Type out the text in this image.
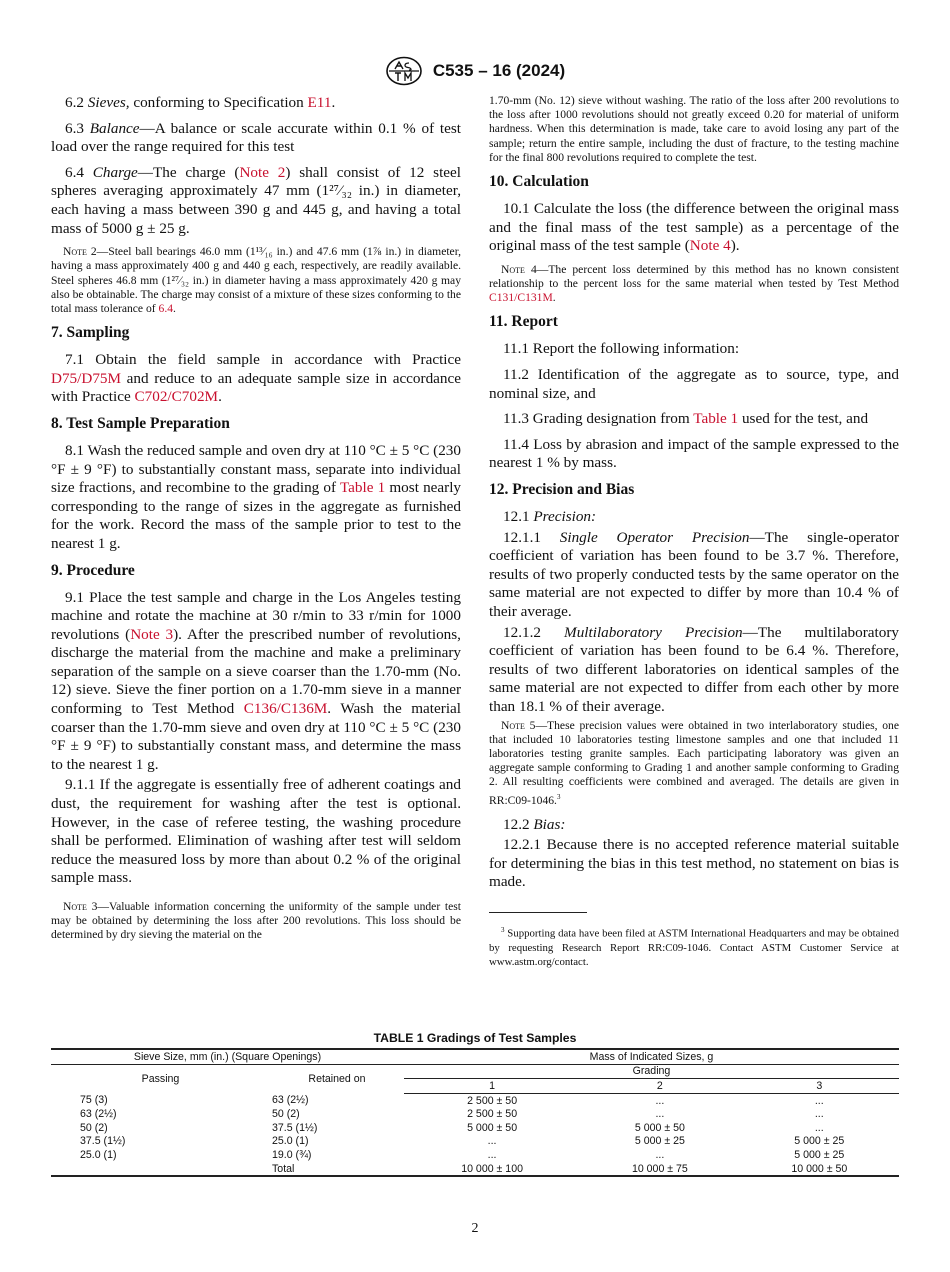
C535 – 16 (2024)

6.2 Sieves, conforming to Specification E11.

6.3 Balance—A balance or scale accurate within 0.1 % of test load over the range required for this test

6.4 Charge—The charge (Note 2) shall consist of 12 steel spheres averaging approximately 47 mm (1²⁷⁄₃₂ in.) in diameter, each having a mass between 390 g and 445 g, and having a total mass of 5000 g ± 25 g.

Note 2—Steel ball bearings 46.0 mm (1¹³⁄₁₆ in.) and 47.6 mm (1⅞ in.) in diameter, having a mass approximately 400 g and 440 g each, respectively, are readily available. Steel spheres 46.8 mm (1²⁷⁄₃₂ in.) in diameter having a mass approximately 420 g may also be obtainable. The charge may consist of a mixture of these sizes conforming to the total mass tolerance of 6.4.

7. Sampling

7.1 Obtain the field sample in accordance with Practice D75/D75M and reduce to an adequate sample size in accordance with Practice C702/C702M.

8. Test Sample Preparation

8.1 Wash the reduced sample and oven dry at 110 °C ± 5 °C (230 °F ± 9 °F) to substantially constant mass, separate into individual size fractions, and recombine to the grading of Table 1 most nearly corresponding to the range of sizes in the aggregate as furnished for the work. Record the mass of the sample prior to test to the nearest 1 g.

9. Procedure

9.1 Place the test sample and charge in the Los Angeles testing machine and rotate the machine at 30 r/min to 33 r/min for 1000 revolutions (Note 3). After the prescribed number of revolutions, discharge the material from the machine and make a preliminary separation of the sample on a sieve coarser than the 1.70-mm (No. 12) sieve. Sieve the finer portion on a 1.70-mm sieve in a manner conforming to Test Method C136/C136M. Wash the material coarser than the 1.70-mm sieve and oven dry at 110 °C ± 5 °C (230 °F ± 9 °F) to substantially constant mass, and determine the mass to the nearest 1 g.

9.1.1 If the aggregate is essentially free of adherent coatings and dust, the requirement for washing after the test is optional. However, in the case of referee testing, the washing procedure shall be performed. Elimination of washing after test will seldom reduce the measured loss by more than about 0.2 % of the original sample mass.

Note 3—Valuable information concerning the uniformity of the sample under test may be obtained by determining the loss after 200 revolutions. This loss should be determined by dry sieving the material on the

1.70-mm (No. 12) sieve without washing. The ratio of the loss after 200 revolutions to the loss after 1000 revolutions should not greatly exceed 0.20 for material of uniform hardness. When this determination is made, take care to avoid losing any part of the sample; return the entire sample, including the dust of fracture, to the testing machine for the final 800 revolutions required to complete the test.

10. Calculation

10.1 Calculate the loss (the difference between the original mass and the final mass of the test sample) as a percentage of the original mass of the test sample (Note 4).

Note 4—The percent loss determined by this method has no known consistent relationship to the percent loss for the same material when tested by Test Method C131/C131M.

11. Report

11.1 Report the following information:

11.2 Identification of the aggregate as to source, type, and nominal size, and

11.3 Grading designation from Table 1 used for the test, and

11.4 Loss by abrasion and impact of the sample expressed to the nearest 1 % by mass.

12. Precision and Bias

12.1 Precision:

12.1.1 Single Operator Precision—The single-operator coefficient of variation has been found to be 3.7 %. Therefore, results of two properly conducted tests by the same operator on the same material are not expected to differ by more than 10.4 % of their average.

12.1.2 Multilaboratory Precision—The multilaboratory coefficient of variation has been found to be 6.4 %. Therefore, results of two different laboratories on identical samples of the same material are not expected to differ from each other by more than 18.1 % of their average.

Note 5—These precision values were obtained in two interlaboratory studies, one that included 10 laboratories testing limestone samples and one that included 11 laboratories testing granite samples. Each participating laboratory was given an aggregate sample conforming to Grading 1 and another sample conforming to Grading 2. All resulting coefficients were combined and averaged. The details are given in RR:C09-1046.$^3$

12.2 Bias:

12.2.1 Because there is no accepted reference material suitable for determining the bias in this test method, no statement on bias is made.

$^3$ Supporting data have been filed at ASTM International Headquarters and may be obtained by requesting Research Report RR:C09-1046. Contact ASTM Customer Service at www.astm.org/contact.

TABLE 1 Gradings of Test Samples
Sieve Size, mm (in.) (Square Openings)		Mass of Indicated Sizes, g		
Passing	Retained on	Grading		
		1	2	3
75 (3)	63 (2½)	2 500 ± 50	...	...
63 (2½)	50 (2)	2 500 ± 50	...	...
50 (2)	37.5 (1½)	5 000 ± 50	5 000 ± 50	...
37.5 (1½)	25.0 (1)	...	5 000 ± 25	5 000 ± 25
25.0 (1)	19.0 (¾)	...	...	5 000 ± 25
	Total	10 000 ± 100	10 000 ± 75	10 000 ± 50
2
